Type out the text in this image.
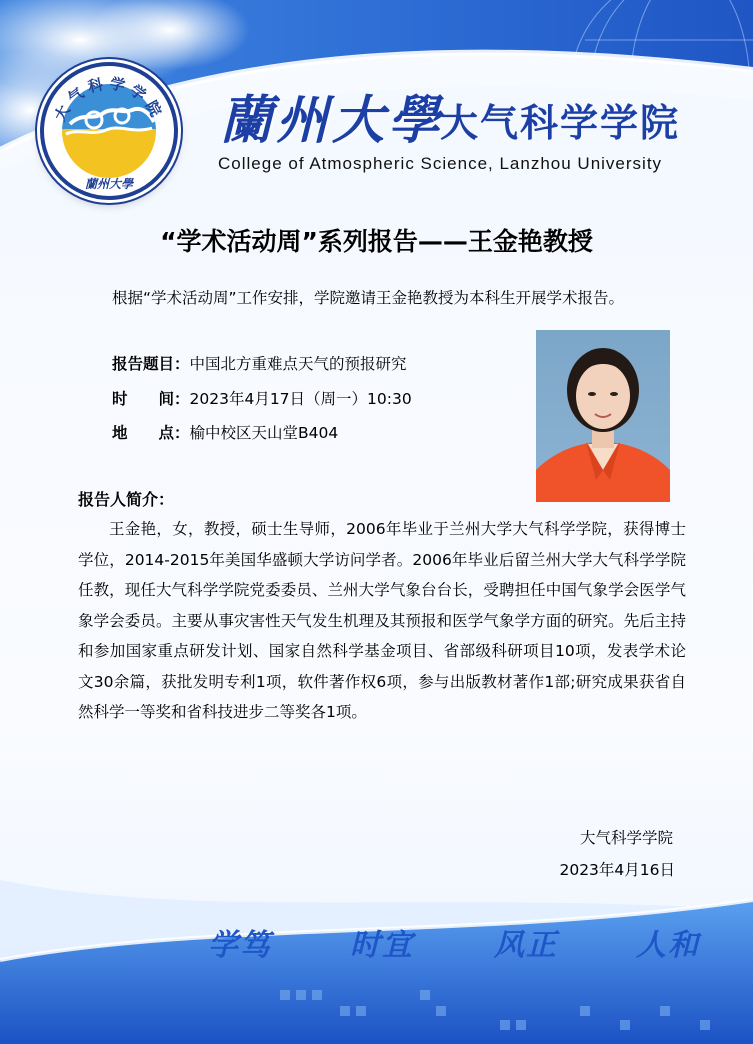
大气科学学院
蘭州大學
蘭州大學
大气科学学院
College of Atmospheric Science, Lanzhou University
“学术活动周”系列报告——王金艳教授
根据“学术活动周”工作安排，学院邀请王金艳教授为本科生开展学术报告。
报告题目：中国北方重难点天气的预报研究
时　　间：2023年4月17日（周一）10:30
地　　点：榆中校区天山堂B404
报告人简介：
王金艳，女，教授，硕士生导师，2006年毕业于兰州大学大气科学学院，获得博士学位，2014-2015年美国华盛顿大学访问学者。2006年毕业后留兰州大学大气科学学院任教，现任大气科学学院党委委员、兰州大学气象台台长，受聘担任中国气象学会医学气象学会委员。主要从事灾害性天气发生机理及其预报和医学气象学方面的研究。先后主持和参加国家重点研发计划、国家自然科学基金项目、省部级科研项目10项，发表学术论文30余篇，获批发明专利1项，软件著作权6项，参与出版教材著作1部;研究成果获省自然科学一等奖和省科技进步二等奖各1项。
大气科学学院
2023年4月16日
学笃	时宜	风正	人和
